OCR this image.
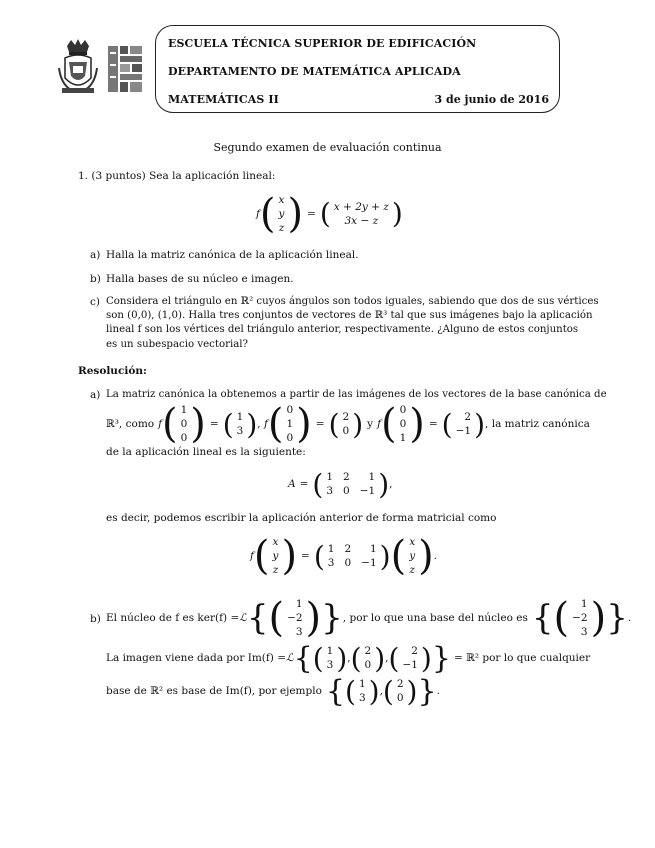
ESCUELA TÉCNICA SUPERIOR DE EDIFICACIÓN
DEPARTAMENTO DE MATEMÁTICA APLICADA
MATEMÁTICAS II	3 de junio de 2016
Segundo examen de evaluación continua
1. (3 puntos) Sea la aplicación lineal:
f ( x
y
z ) = ( x + 2y + z
3x − z )
a) Halla la matriz canónica de la aplicación lineal.
b) Halla bases de su núcleo e imagen.
c) Considera el triángulo en ℝ² cuyos ángulos son todos iguales, sabiendo que dos de sus vértices
son (0,0), (1,0). Halla tres conjuntos de vectores de ℝ³ tal que sus imágenes bajo la aplicación
lineal f son los vértices del triángulo anterior, respectivamente. ¿Alguno de estos conjuntos
es un subespacio vectorial?
Resolución:
a) La matriz canónica la obtenemos a partir de las imágenes de los vectores de la base canónica de
ℝ³, como f ( 1
0
0 ) = ( 1
3 ) , f ( 0
1
0 ) = ( 2
0 ) y f ( 0
0
1 ) = ( 2
−1 ) , la matriz canónica
de la aplicación lineal es la siguiente:
A = ( 1 2	1
3 0 −1 ) ,
es decir, podemos escribir la aplicación anterior de forma matricial como
f ( x
y
z ) = ( 1 2	1
3 0 −1 ) ( x
y
z ) .
b) El núcleo de f es ker(f) = ℒ { ( 1
−2
3 ) } , por lo que una base del núcleo es { ( 1
−2
3 ) } .
La imagen viene dada por Im(f) = ℒ { ( 1
3 ) , ( 2
0 ) , ( 2
−1 ) } = ℝ² por lo que cualquier
base de ℝ² es base de Im(f), por ejemplo { ( 1
3 ) , ( 2
0 ) } .
